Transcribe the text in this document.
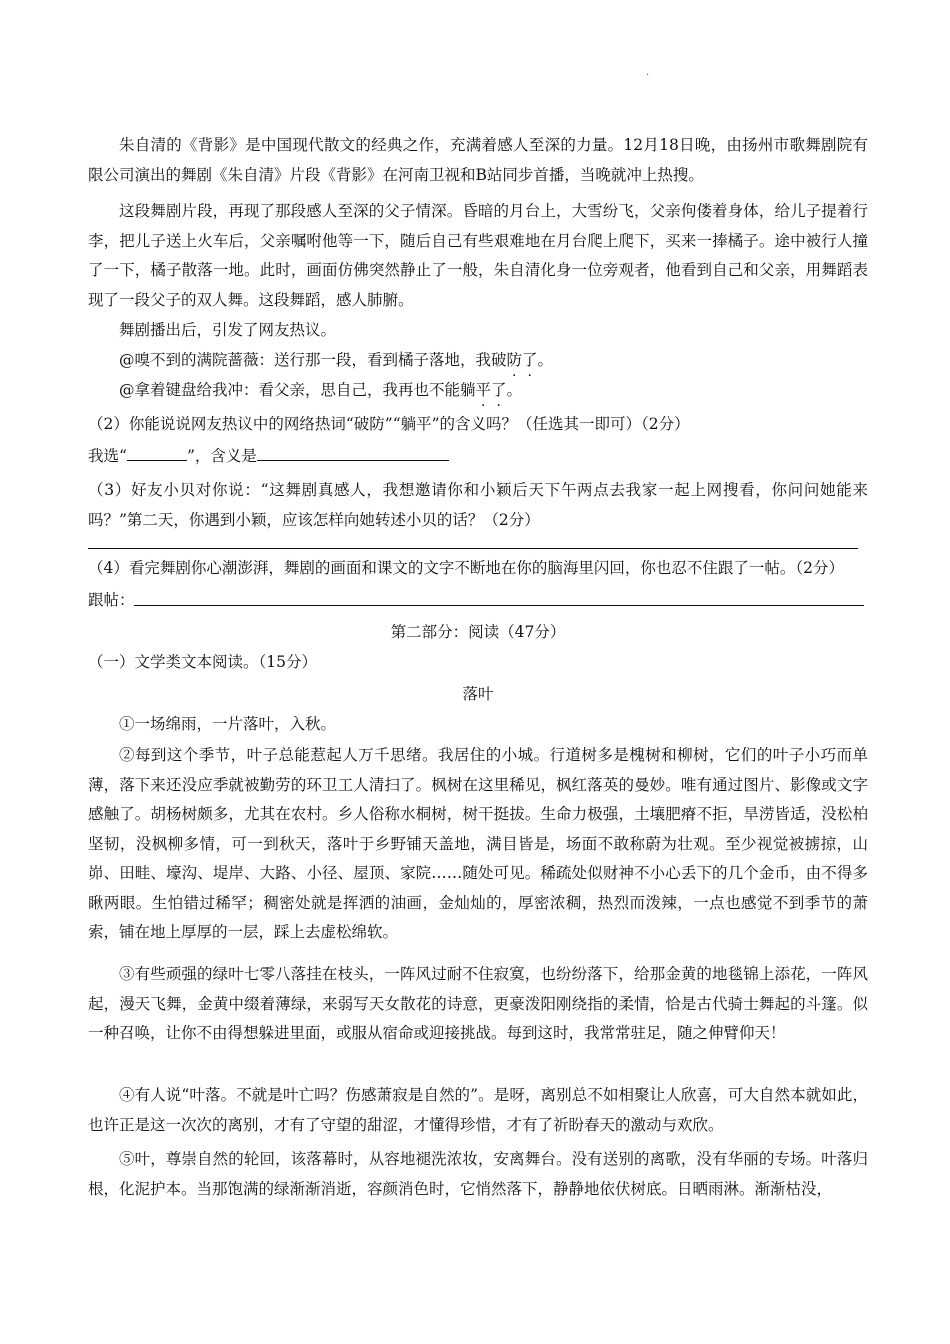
·
朱自清的《背影》是中国现代散文的经典之作，充满着感人至深的力量。12月18日晚，由扬州市歌舞剧院有限公司演出的舞剧《朱自清》片段《背影》在河南卫视和B站同步首播，当晚就冲上热搜。
这段舞剧片段，再现了那段感人至深的父子情深。昏暗的月台上，大雪纷飞，父亲佝偻着身体，给儿子提着行李，把儿子送上火车后，父亲嘱咐他等一下，随后自己有些艰难地在月台爬上爬下，买来一捧橘子。途中被行人撞了一下，橘子散落一地。此时，画面仿佛突然静止了一般，朱自清化身一位旁观者，他看到自己和父亲，用舞蹈表现了一段父子的双人舞。这段舞蹈，感人肺腑。
舞剧播出后，引发了网友热议。
@嗅不到的满院蔷薇：送行那一段，看到橘子落地，我破防了。
@拿着键盘给我冲：看父亲，思自己，我再也不能躺平了。
（2）你能说说网友热议中的网络热词“破防”“躺平”的含义吗？（任选其一即可）（2分）
我选“	”，含义是
（3）好友小贝对你说：“这舞剧真感人，我想邀请你和小颖后天下午两点去我家一起上网搜看，你问问她能来吗？”第二天，你遇到小颖，应该怎样向她转述小贝的话？（2分）
（4）看完舞剧你心潮澎湃，舞剧的画面和课文的文字不断地在你的脑海里闪回，你也忍不住跟了一帖。（2分）
跟帖：
第二部分：阅读（47分）
（一）文学类文本阅读。（15分）
落叶
①一场绵雨，一片落叶，入秋。
②每到这个季节，叶子总能惹起人万千思绪。我居住的小城。行道树多是槐树和柳树，它们的叶子小巧而单薄，落下来还没应季就被勤劳的环卫工人清扫了。枫树在这里稀见，枫红落英的曼妙。唯有通过图片、影像或文字感触了。胡杨树颇多，尤其在农村。乡人俗称水桐树，树干挺拔。生命力极强，土壤肥瘠不拒，旱涝皆适，没松柏坚韧，没枫柳多情，可一到秋天，落叶于乡野铺天盖地，满目皆是，场面不敢称蔚为壮观。至少视觉被掳掠，山峁、田畦、壕沟、堤岸、大路、小径、屋顶、家院……随处可见。稀疏处似财神不小心丢下的几个金币，由不得多瞅两眼。生怕错过稀罕；稠密处就是挥洒的油画，金灿灿的，厚密浓稠，热烈而泼辣，一点也感觉不到季节的萧索，铺在地上厚厚的一层，踩上去虚松绵软。
③有些顽强的绿叶七零八落挂在枝头，一阵风过耐不住寂寞，也纷纷落下，给那金黄的地毯锦上添花，一阵风起，漫天飞舞，金黄中缀着薄绿，来弱写天女散花的诗意，更豪泼阳刚绕指的柔情，恰是古代骑士舞起的斗篷。似一种召唤，让你不由得想躲进里面，或服从宿命或迎接挑战。每到这时，我常常驻足，随之伸臂仰天！
④有人说“叶落。不就是叶亡吗？伤感萧寂是自然的”。是呀，离别总不如相聚让人欣喜，可大自然本就如此，也许正是这一次次的离别，才有了守望的甜涩，才懂得珍惜，才有了祈盼春天的激动与欢欣。
⑤叶，尊崇自然的轮回，该落幕时，从容地褪洗浓妆，安离舞台。没有送别的离歌，没有华丽的专场。叶落归根，化泥护本。当那饱满的绿渐渐消逝，容颜消色时，它悄然落下，静静地依伏树底。日晒雨淋。渐渐枯没，
